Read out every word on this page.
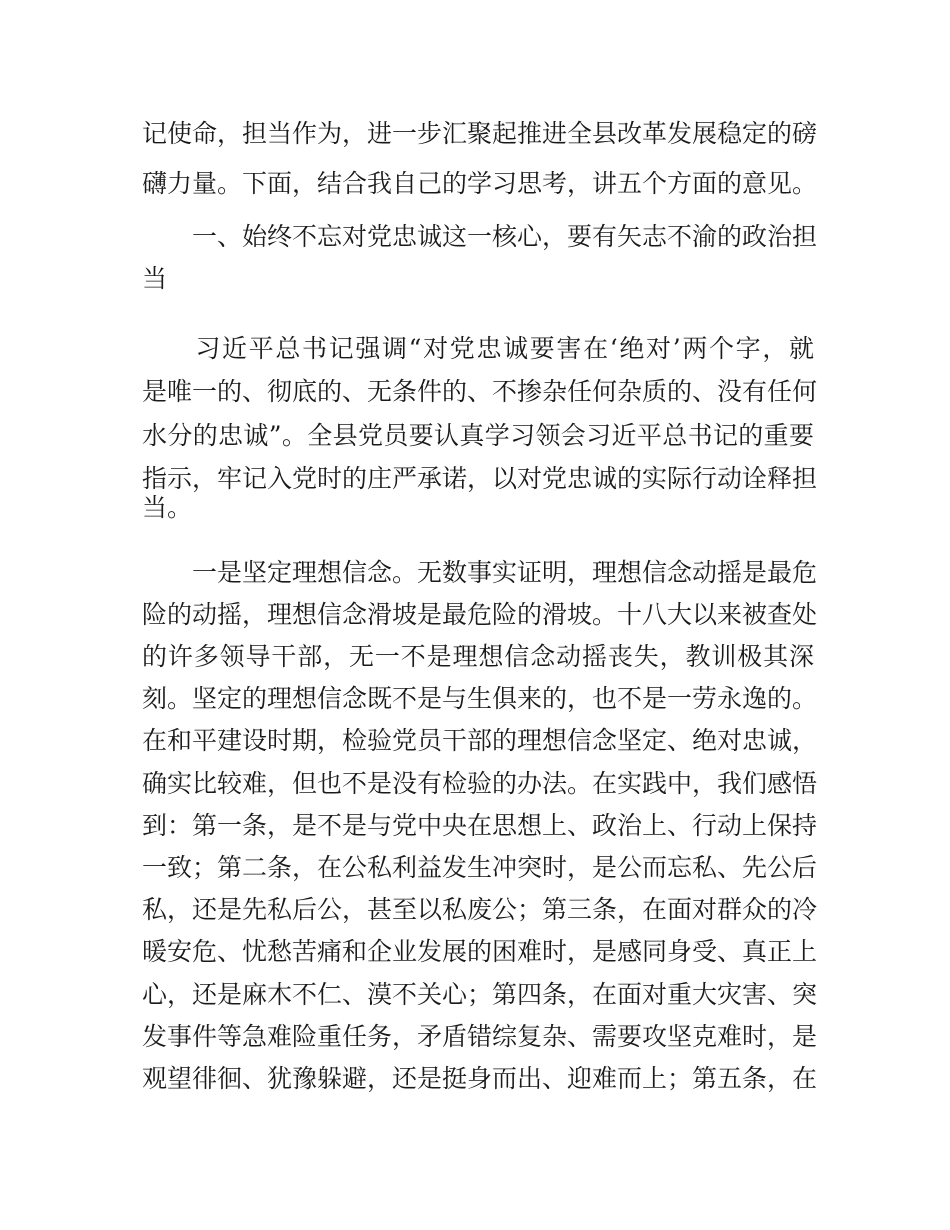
记使命，担当作为，进一步汇聚起推进全县改革发展稳定的磅

礴力量。下面，结合我自己的学习思考，讲五个方面的意见。

　　一、始终不忘对党忠诚这一核心，要有矢志不渝的政治担

当

　　习近平总书记强调“对党忠诚要害在‘绝对’两个字，就

是唯一的、彻底的、无条件的、不掺杂任何杂质的、没有任何

水分的忠诚”。全县党员要认真学习领会习近平总书记的重要

指示，牢记入党时的庄严承诺，以对党忠诚的实际行动诠释担

当。

　　一是坚定理想信念。无数事实证明，理想信念动摇是最危

险的动摇，理想信念滑坡是最危险的滑坡。十八大以来被查处

的许多领导干部，无一不是理想信念动摇丧失，教训极其深

刻。坚定的理想信念既不是与生俱来的，也不是一劳永逸的。

在和平建设时期，检验党员干部的理想信念坚定、绝对忠诚，

确实比较难，但也不是没有检验的办法。在实践中，我们感悟

到：第一条，是不是与党中央在思想上、政治上、行动上保持

一致；第二条，在公私利益发生冲突时，是公而忘私、先公后

私，还是先私后公，甚至以私废公；第三条，在面对群众的冷

暖安危、忧愁苦痛和企业发展的困难时，是感同身受、真正上

心，还是麻木不仁、漠不关心；第四条，在面对重大灾害、突

发事件等急难险重任务，矛盾错综复杂、需要攻坚克难时，是

观望徘徊、犹豫躲避，还是挺身而出、迎难而上；第五条，在
